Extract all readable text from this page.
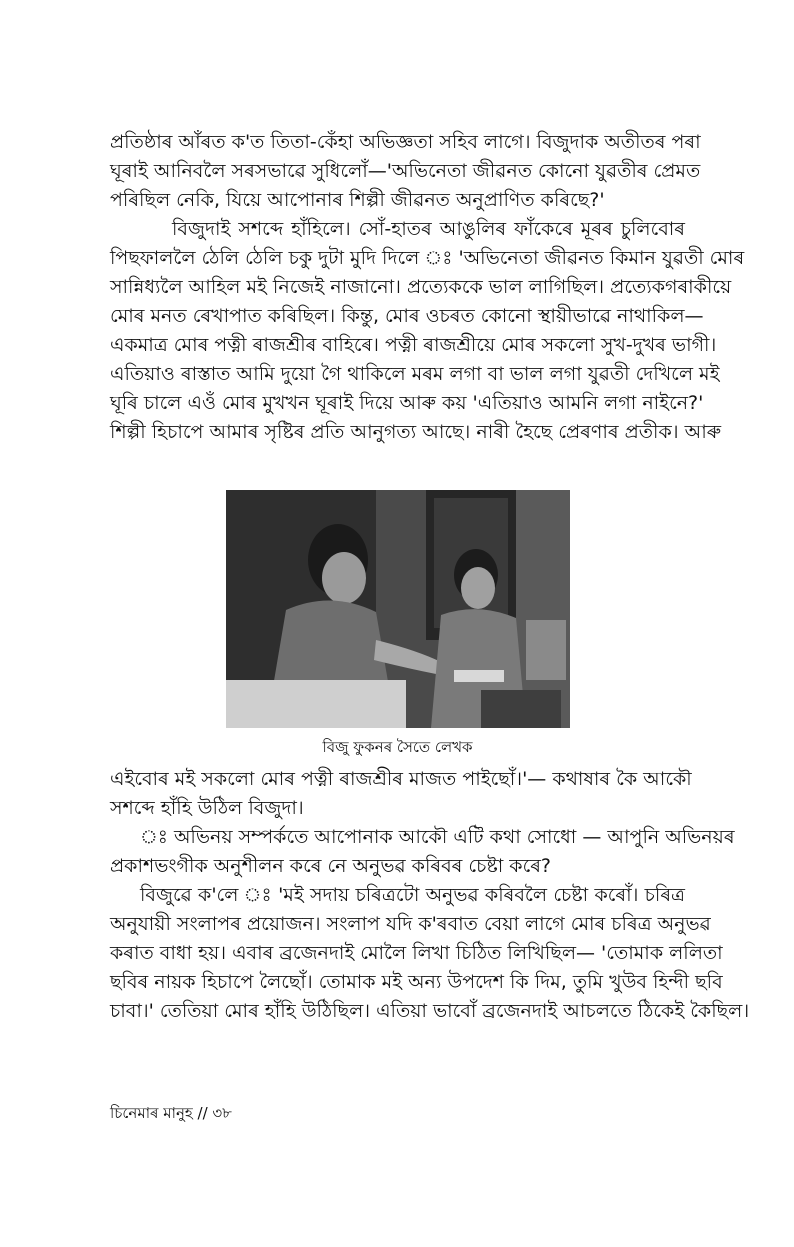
প্ৰতিষ্ঠাৰ আঁৰত ক'ত তিতা-কেঁহা অভিজ্ঞতা সহিব লাগে। বিজুদাক অতীতৰ পৰা
ঘূৰাই আনিবলৈ সৰসভাৱে সুধিলোঁ—'অভিনেতা জীৱনত কোনো যুৱতীৰ প্ৰেমত
পৰিছিল নেকি, যিয়ে আপোনাৰ শিল্পী জীৱনত অনুপ্ৰাণিত কৰিছে?'
বিজুদাই সশব্দে হাঁহিলে। সোঁ-হাতৰ আঙুলিৰ ফাঁকেৰে মূৰৰ চুলিবোৰ
পিছফাললৈ ঠেলি ঠেলি চকু দুটা মুদি দিলে ঃ 'অভিনেতা জীৱনত কিমান যুৱতী মোৰ
সান্নিধ্যলৈ আহিল মই নিজেই নাজানো। প্ৰত্যেককে ভাল লাগিছিল। প্ৰত্যেকগৰাকীয়ে
মোৰ মনত ৰেখাপাত কৰিছিল। কিন্তু, মোৰ ওচৰত কোনো স্থায়ীভাৱে নাথাকিল—
একমাত্ৰ মোৰ পত্নী ৰাজশ্ৰীৰ বাহিৰে। পত্নী ৰাজশ্ৰীয়ে মোৰ সকলো সুখ-দুখৰ ভাগী।
এতিয়াও ৰাস্তাত আমি দুয়ো গৈ থাকিলে মৰম লগা বা ভাল লগা যুৱতী দেখিলে মই
ঘূৰি চালে এওঁ মোৰ মুখখন ঘূৰাই দিয়ে আৰু কয় 'এতিয়াও আমনি লগা নাইনে?'
শিল্পী হিচাপে আমাৰ সৃষ্টিৰ প্ৰতি আনুগত্য আছে। নাৰী হৈছে প্ৰেৰণাৰ প্ৰতীক। আৰু
বিজু ফুকনৰ সৈতে লেখক
এইবোৰ মই সকলো মোৰ পত্নী ৰাজশ্ৰীৰ মাজত পাইছোঁ।'— কথাষাৰ কৈ আকৌ
সশব্দে হাঁহি উঠিল বিজুদা।
ঃ অভিনয় সম্পৰ্কতে আপোনাক আকৌ এটি কথা সোধো — আপুনি অভিনয়ৰ
প্ৰকাশভংগীক অনুশীলন কৰে নে অনুভৱ কৰিবৰ চেষ্টা কৰে?
বিজুৱে ক'লে ঃ 'মই সদায় চৰিত্ৰটো অনুভৱ কৰিবলৈ চেষ্টা কৰোঁ। চৰিত্ৰ
অনুযায়ী সংলাপৰ প্ৰয়োজন। সংলাপ যদি ক'ৰবাত বেয়া লাগে মোৰ চৰিত্ৰ অনুভৱ
কৰাত বাধা হয়। এবাৰ ব্ৰজেনদাই মোলৈ লিখা চিঠিত লিখিছিল— 'তোমাক ললিতা
ছবিৰ নায়ক হিচাপে লৈছোঁ। তোমাক মই অন্য উপদেশ কি দিম, তুমি খুউব হিন্দী ছবি
চাবা।' তেতিয়া মোৰ হাঁহি উঠিছিল। এতিয়া ভাবোঁ ব্ৰজেনদাই আচলতে ঠিকেই কৈছিল।
চিনেমাৰ মানুহ // ৩৮
